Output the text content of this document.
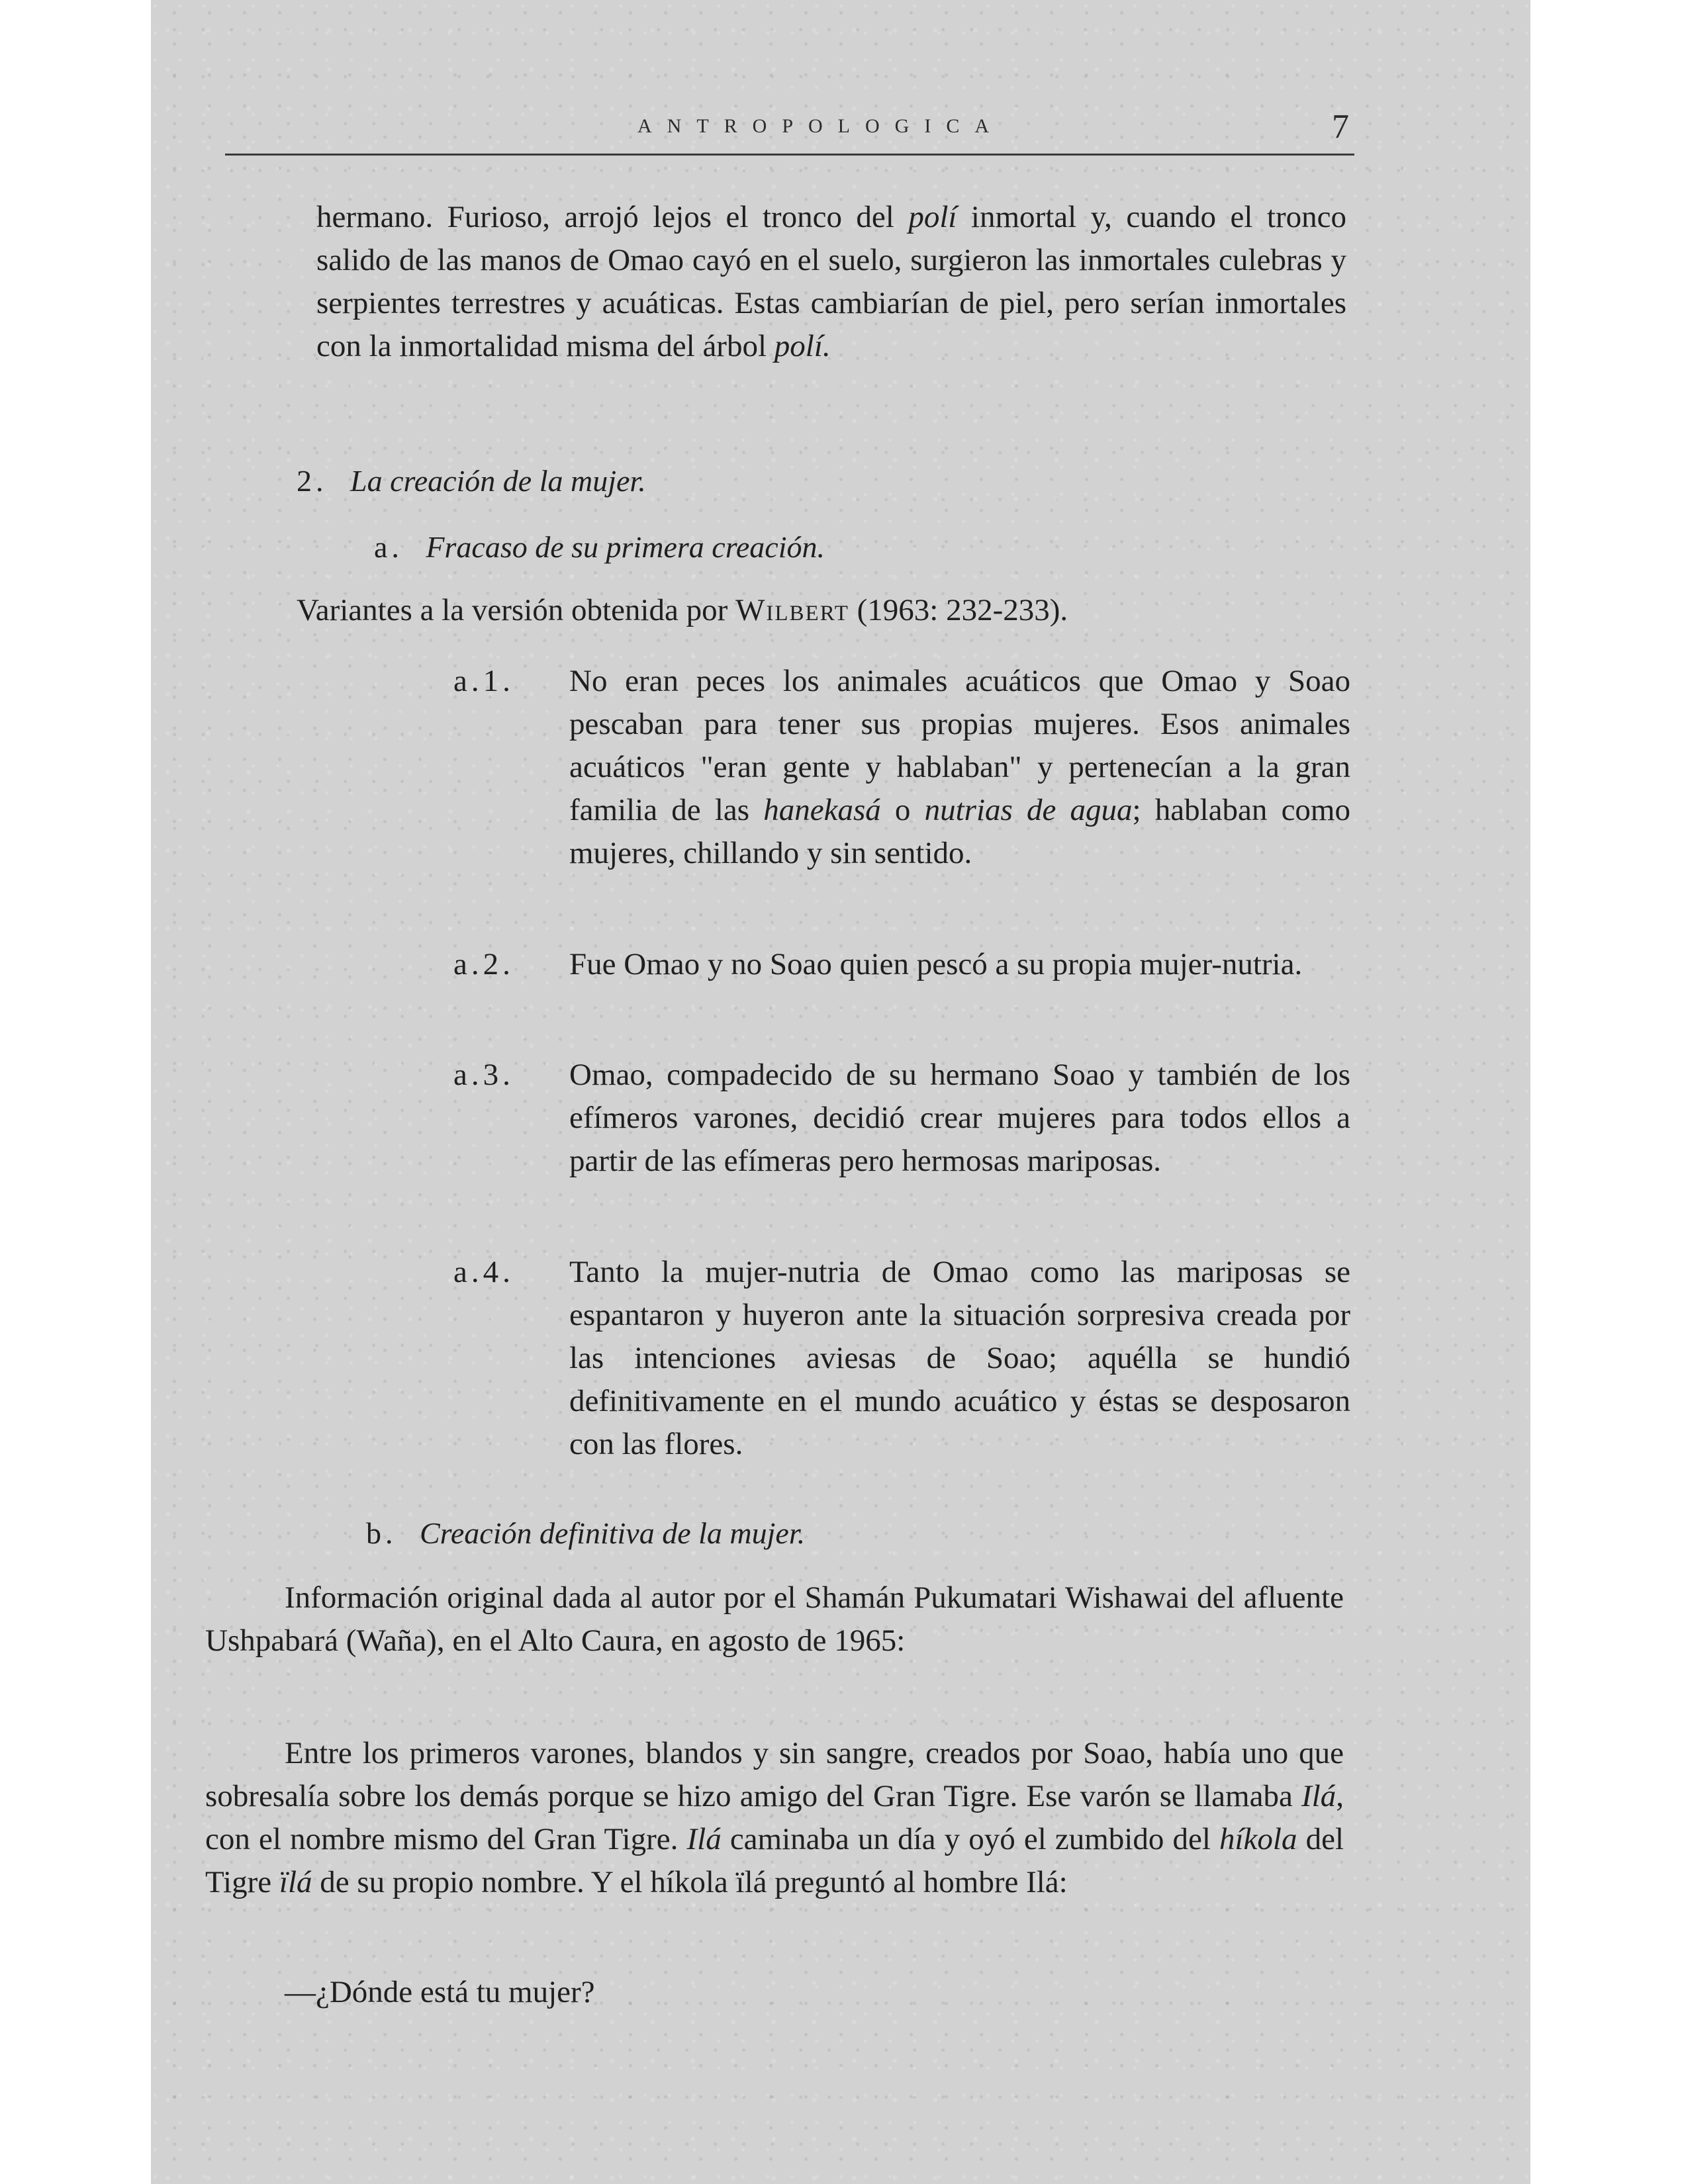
ANTROPOLOGICA	7

hermano. Furioso, arrojó lejos el tronco del polí inmortal y, cuando el tronco salido de las manos de Omao cayó en el suelo, surgieron las inmortales culebras y serpientes terrestres y acuáticas. Estas cambiarían de piel, pero serían inmortales con la inmortalidad misma del árbol polí.

2. La creación de la mujer.
a. Fracaso de su primera creación.

Variantes a la versión obtenida por Wilbert (1963: 232-233).

a.1. No eran peces los animales acuáticos que Omao y Soao pescaban para tener sus propias mujeres. Esos animales acuáticos "eran gente y hablaban" y pertenecían a la gran familia de las hanekasá o nutrias de agua; hablaban como mujeres, chillando y sin sentido.
a.2. Fue Omao y no Soao quien pescó a su propia mujer-nutria.
a.3. Omao, compadecido de su hermano Soao y también de los efímeros varones, decidió crear mujeres para todos ellos a partir de las efímeras pero hermosas mariposas.
a.4. Tanto la mujer-nutria de Omao como las mariposas se espantaron y huyeron ante la situación sorpresiva creada por las intenciones aviesas de Soao; aquélla se hundió definitivamente en el mundo acuático y éstas se desposaron con las flores.
b. Creación definitiva de la mujer.

Información original dada al autor por el Shamán Pukumatari Wishawai del afluente Ushpabará (Waña), en el Alto Caura, en agosto de 1965:

Entre los primeros varones, blandos y sin sangre, creados por Soao, había uno que sobresalía sobre los demás porque se hizo amigo del Gran Tigre. Ese varón se llamaba Ilá, con el nombre mismo del Gran Tigre. Ilá caminaba un día y oyó el zumbido del híkola del Tigre ïlá de su propio nombre. Y el híkola ïlá preguntó al hombre Ilá:

—¿Dónde está tu mujer?
